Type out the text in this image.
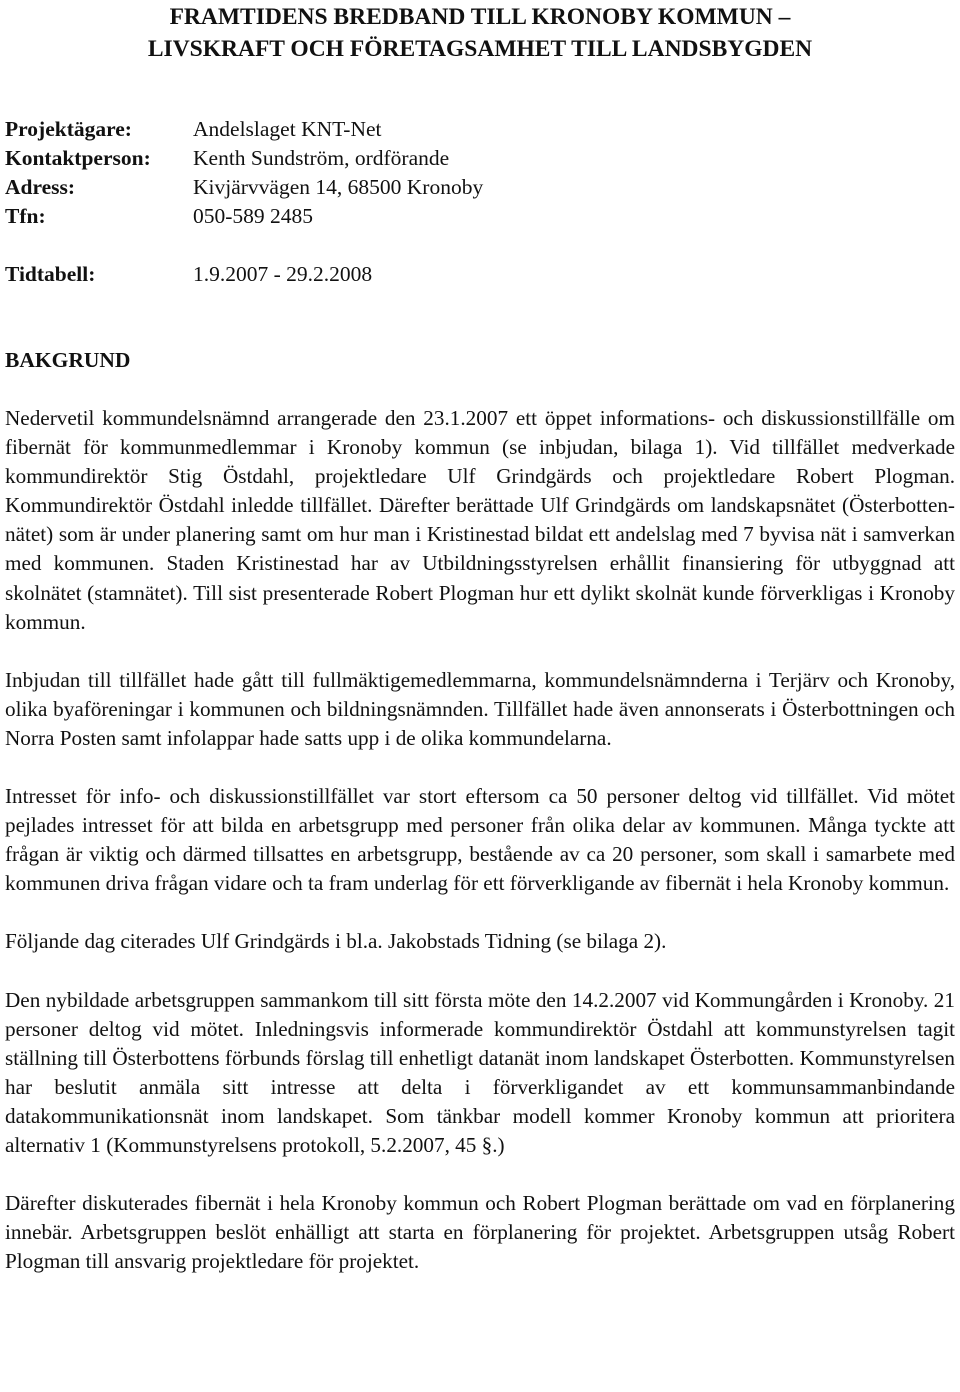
FRAMTIDENS BREDBAND TILL KRONOBY KOMMUN –
LIVSKRAFT OCH FÖRETAGSAMHET TILL LANDSBYGDEN
Projektägare:	Andelslaget KNT-Net
Kontaktperson:	Kenth Sundström, ordförande
Adress:	Kivjärvvägen 14, 68500 Kronoby
Tfn:	050-589 2485
Tidtabell:	1.9.2007 - 29.2.2008
BAKGRUND

Nedervetil kommundelsnämnd arrangerade den 23.1.2007 ett öppet informations- och diskussionstillfälle om fibernät för kommunmedlemmar i Kronoby kommun (se inbjudan, bilaga 1). Vid tillfället medverkade kommundirektör Stig Östdahl, projektledare Ulf Grindgärds och projektledare Robert Plogman. Kommundirektör Östdahl inledde tillfället. Därefter berättade Ulf Grindgärds om landskapsnätet (Österbotten-nätet) som är under planering samt om hur man i Kristinestad bildat ett andelslag med 7 byvisa nät i samverkan med kommunen. Staden Kristinestad har av Utbildningsstyrelsen erhållit finansiering för utbyggnad att skolnätet (stamnätet). Till sist presenterade Robert Plogman hur ett dylikt skolnät kunde förverkligas i Kronoby kommun.

Inbjudan till tillfället hade gått till fullmäktigemedlemmarna, kommundelsnämnderna i Terjärv och Kronoby, olika byaföreningar i kommunen och bildningsnämnden. Tillfället hade även annonserats i Österbottningen och Norra Posten samt infolappar hade satts upp i de olika kommundelarna.

Intresset för info- och diskussionstillfället var stort eftersom ca 50 personer deltog vid tillfället. Vid mötet pejlades intresset för att bilda en arbetsgrupp med personer från olika delar av kommunen. Många tyckte att frågan är viktig och därmed tillsattes en arbetsgrupp, bestående av ca 20 personer, som skall i samarbete med kommunen driva frågan vidare och ta fram underlag för ett förverkligande av fibernät i hela Kronoby kommun.

Följande dag citerades Ulf Grindgärds i bl.a. Jakobstads Tidning (se bilaga 2).

Den nybildade arbetsgruppen sammankom till sitt första möte den 14.2.2007 vid Kommungården i Kronoby. 21 personer deltog vid mötet. Inledningsvis informerade kommundirektör Östdahl att kommunstyrelsen tagit ställning till Österbottens förbunds förslag till enhetligt datanät inom landskapet Österbotten. Kommunstyrelsen har beslutit anmäla sitt intresse att delta i förverkligandet av ett kommunsammanbindande datakommunikationsnät inom landskapet. Som tänkbar modell kommer Kronoby kommun att prioritera alternativ 1 (Kommunstyrelsens protokoll, 5.2.2007, 45 §.)

Därefter diskuterades fibernät i hela Kronoby kommun och Robert Plogman berättade om vad en förplanering innebär. Arbetsgruppen beslöt enhälligt att starta en förplanering för projektet. Arbetsgruppen utsåg Robert Plogman till ansvarig projektledare för projektet.
